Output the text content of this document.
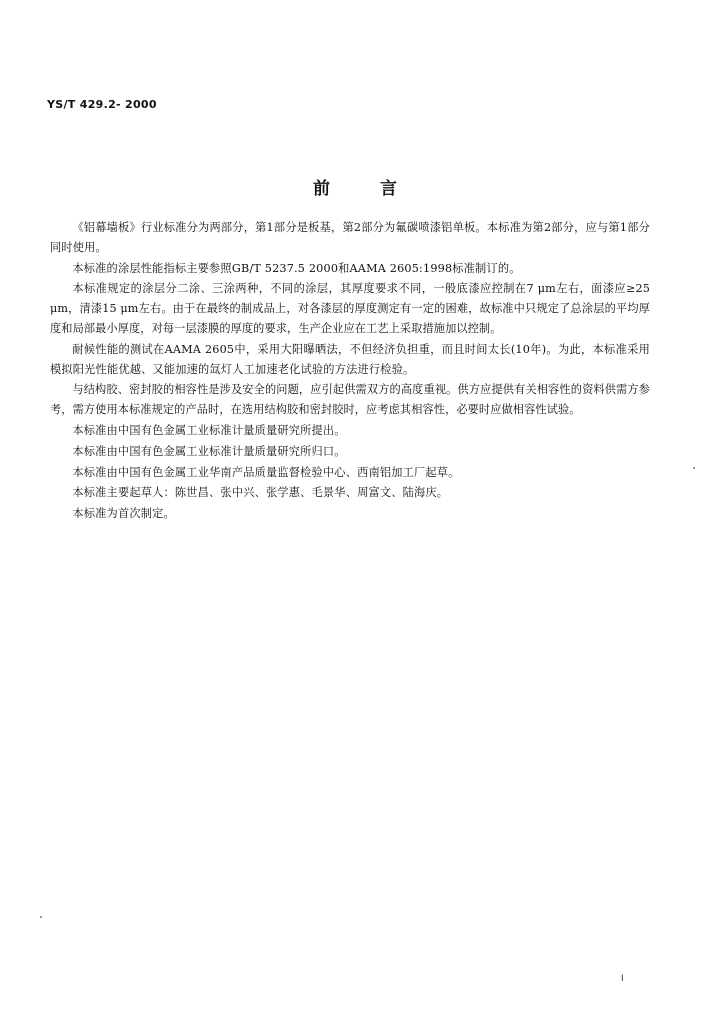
YS/T 429.2- 2000
前	言

《铝幕墙板》行业标准分为两部分，第1部分是板基，第2部分为氟碳喷漆铝单板。本标准为第2部分，应与第1部分同时使用。

本标准的涂层性能指标主要参照GB/T 5237.5 2000和AAMA 2605:1998标准制订的。

本标准规定的涂层分二涂、三涂两种，不同的涂层，其厚度要求不同，一般底漆应控制在7 μm左右，面漆应≥25 μm，清漆15 μm左右。由于在最终的制成品上，对各漆层的厚度测定有一定的困难，故标准中只规定了总涂层的平均厚度和局部最小厚度，对每一层漆膜的厚度的要求，生产企业应在工艺上采取措施加以控制。

耐候性能的测试在AAMA 2605中，采用大阳曝晒法，不但经济负担重，而且时间太长(10年)。为此，本标准采用模拟阳光性能优越、又能加速的氙灯人工加速老化试验的方法进行检验。

与结构胶、密封胶的相容性是涉及安全的问题，应引起供需双方的高度重视。供方应提供有关相容性的资料供需方参考，需方使用本标准规定的产品时，在选用结构胶和密封胶时，应考虑其相容性，必要时应做相容性试验。

本标准由中国有色金属工业标准计量质量研究所提出。

本标准由中国有色金属工业标准计量质量研究所归口。

本标准由中国有色金属工业华南产品质量监督检验中心、西南铝加工厂起草。

本标准主要起草人：陈世昌、张中兴、张学惠、毛景华、周富文、陆海庆。

本标准为首次制定。

I
